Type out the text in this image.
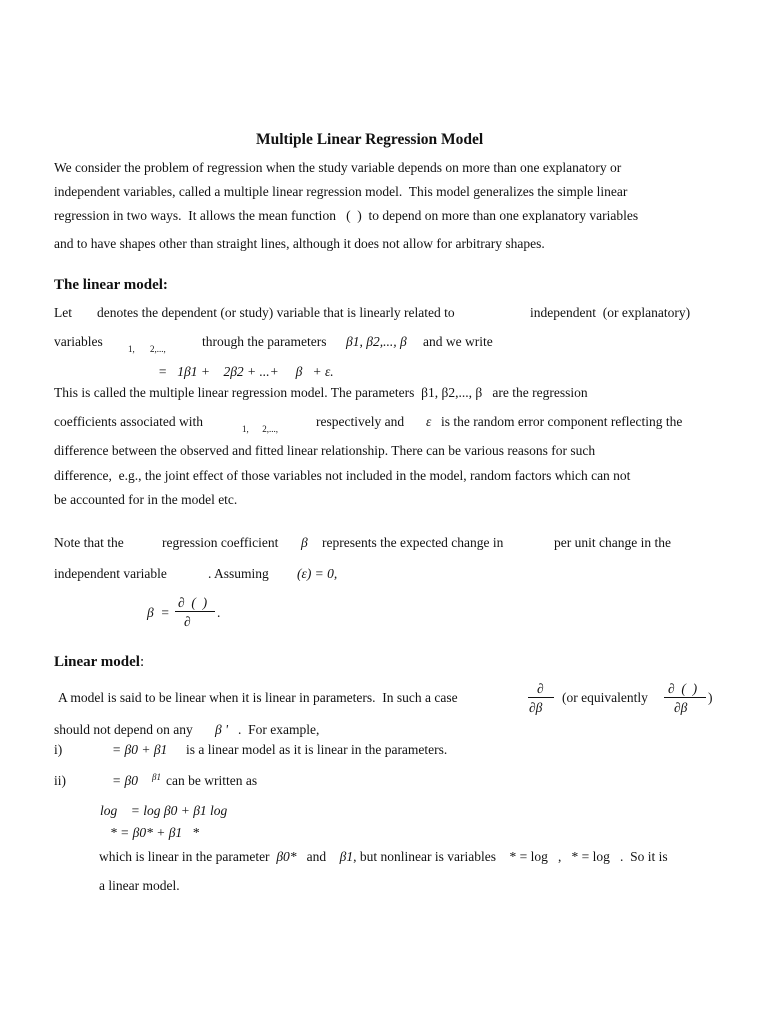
Multiple Linear Regression Model
We consider the problem of regression when the study variable depends on more than one explanatory or
independent variables, called a multiple linear regression model.  This model generalizes the simple linear
regression in two ways.  It allows the mean function   (  )  to depend on more than one explanatory variables
and to have shapes other than straight lines, although it does not allow for arbitrary shapes.
The linear model:
Let denotes the dependent (or study) variable that is linearly related to	independent  (or explanatory)
variables	1, 2,...,	through the parameters β1, β2,..., β and we write
=   1β1 +    2β2 + ...+     β   + ε.
This is called the multiple linear regression model. The parameters  β1, β2,..., β   are the regression
coefficients associated with	1,      2,...,	respectively and ε is the random error component reflecting the
difference between the observed and fitted linear relationship. There can be various reasons for such
difference,  e.g., the joint effect of those variables not included in the model, random factors which can not
be accounted for in the model etc.
Note that the	regression coefficient β represents the expected change in	per unit change in the
independent variable	. Assuming (ε) = 0,
β  =
∂  (  )
∂
.
Linear model:
A model is said to be linear when it is linear in parameters.  In such a case
∂
∂β
(or equivalently
∂  (  )
∂β
)
should not depend on any β ' .  For example,
i)	= β0 + β1 is a linear model as it is linear in the parameters.
ii)	= β0 β1 can be written as
log    = log β0 + β1 log
* = β0* + β1   *
which is linear in the parameter β0* and β1, but nonlinear is variables * = log   ,   * = log   .  So it is
a linear model.
